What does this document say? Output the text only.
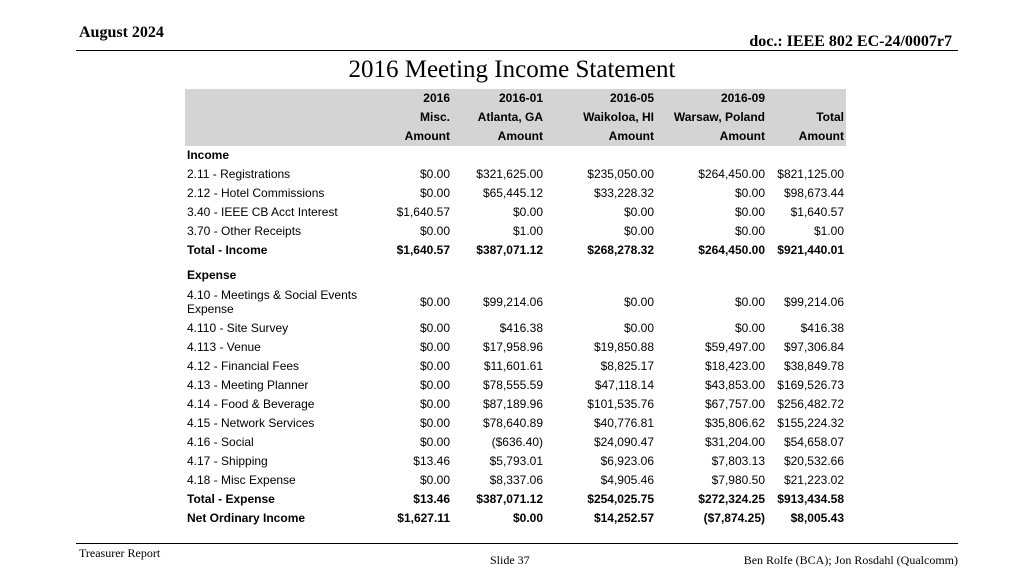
August 2024
doc.: IEEE 802 EC-24/0007r7
2016 Meeting Income Statement
	2016	2016-01	2016-05	2016-09	
	Misc.	Atlanta, GA	Waikoloa, HI	Warsaw, Poland	Total
	Amount	Amount	Amount	Amount	Amount
Income					
2.11 - Registrations	$0.00	$321,625.00	$235,050.00	$264,450.00	$821,125.00
2.12 - Hotel Commissions	$0.00	$65,445.12	$33,228.32	$0.00	$98,673.44
3.40 - IEEE CB Acct Interest	$1,640.57	$0.00	$0.00	$0.00	$1,640.57
3.70 - Other Receipts	$0.00	$1.00	$0.00	$0.00	$1.00
Total - Income	$1,640.57	$387,071.12	$268,278.32	$264,450.00	$921,440.01

Expense					
4.10 - Meetings & Social Events Expense	$0.00	$99,214.06	$0.00	$0.00	$99,214.06
4.110 - Site Survey	$0.00	$416.38	$0.00	$0.00	$416.38
4.113 - Venue	$0.00	$17,958.96	$19,850.88	$59,497.00	$97,306.84
4.12 - Financial Fees	$0.00	$11,601.61	$8,825.17	$18,423.00	$38,849.78
4.13 - Meeting Planner	$0.00	$78,555.59	$47,118.14	$43,853.00	$169,526.73
4.14 - Food & Beverage	$0.00	$87,189.96	$101,535.76	$67,757.00	$256,482.72
4.15 - Network Services	$0.00	$78,640.89	$40,776.81	$35,806.62	$155,224.32
4.16 - Social	$0.00	($636.40)	$24,090.47	$31,204.00	$54,658.07
4.17 - Shipping	$13.46	$5,793.01	$6,923.06	$7,803.13	$20,532.66
4.18 - Misc Expense	$0.00	$8,337.06	$4,905.46	$7,980.50	$21,223.02
Total - Expense	$13.46	$387,071.12	$254,025.75	$272,324.25	$913,434.58
Net Ordinary Income	$1,627.11	$0.00	$14,252.57	($7,874.25)	$8,005.43
Treasurer Report	Slide 37	Ben Rolfe (BCA); Jon Rosdahl (Qualcomm)
